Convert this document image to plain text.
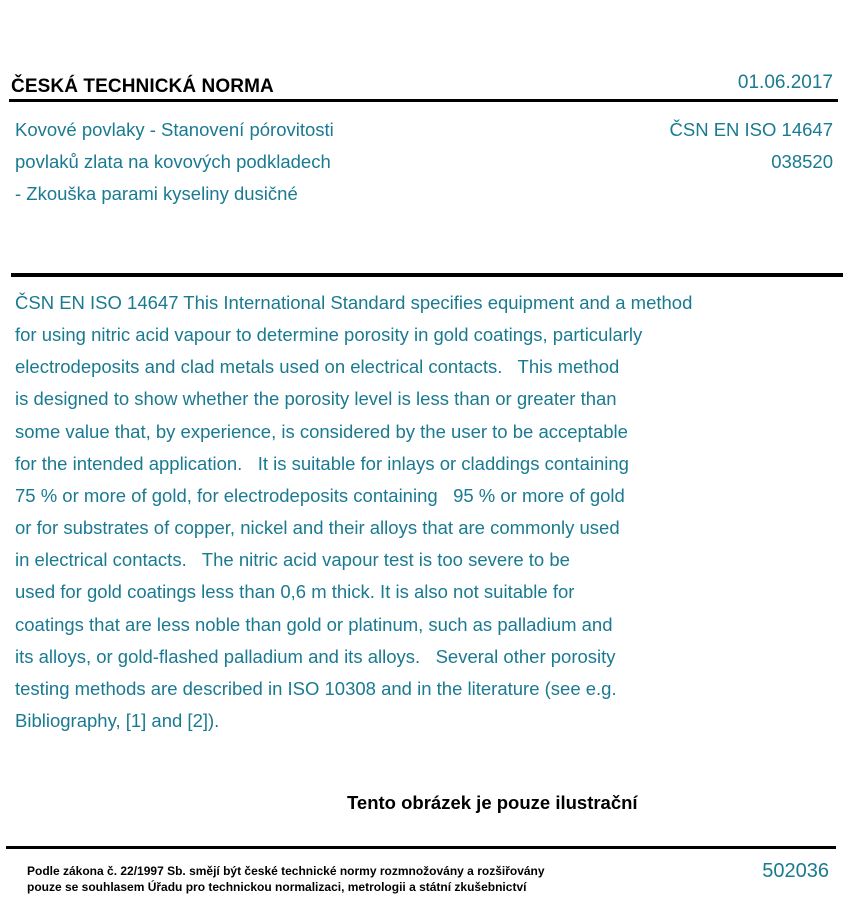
ČESKÁ TECHNICKÁ NORMA	01.06.2017
Kovové povlaky - Stanovení pórovitosti
povlaků zlata na kovových podkladech
- Zkouška parami kyseliny dusičné
ČSN EN ISO 14647
038520
ČSN EN ISO 14647 This International Standard specifies equipment and a method
for using nitric acid vapour to determine porosity in gold coatings, particularly
electrodeposits and clad metals used on electrical contacts.   This method
is designed to show whether the porosity level is less than or greater than
some value that, by experience, is considered by the user to be acceptable
for the intended application.   It is suitable for inlays or claddings containing
75 % or more of gold, for electrodeposits containing   95 % or more of gold
or for substrates of copper, nickel and their alloys that are commonly used
in electrical contacts.   The nitric acid vapour test is too severe to be
used for gold coatings less than 0,6 m thick. It is also not suitable for
coatings that are less noble than gold or platinum, such as palladium and
its alloys, or gold-flashed palladium and its alloys.   Several other porosity
testing methods are described in ISO 10308 and in the literature (see e.g.
Bibliography, [1] and [2]).
Tento obrázek je pouze ilustrační
Podle zákona č. 22/1997 Sb. smějí být české technické normy rozmnožovány a rozšiřovány
pouze se souhlasem Úřadu pro technickou normalizaci, metrologii a státní zkušebnictví
502036
